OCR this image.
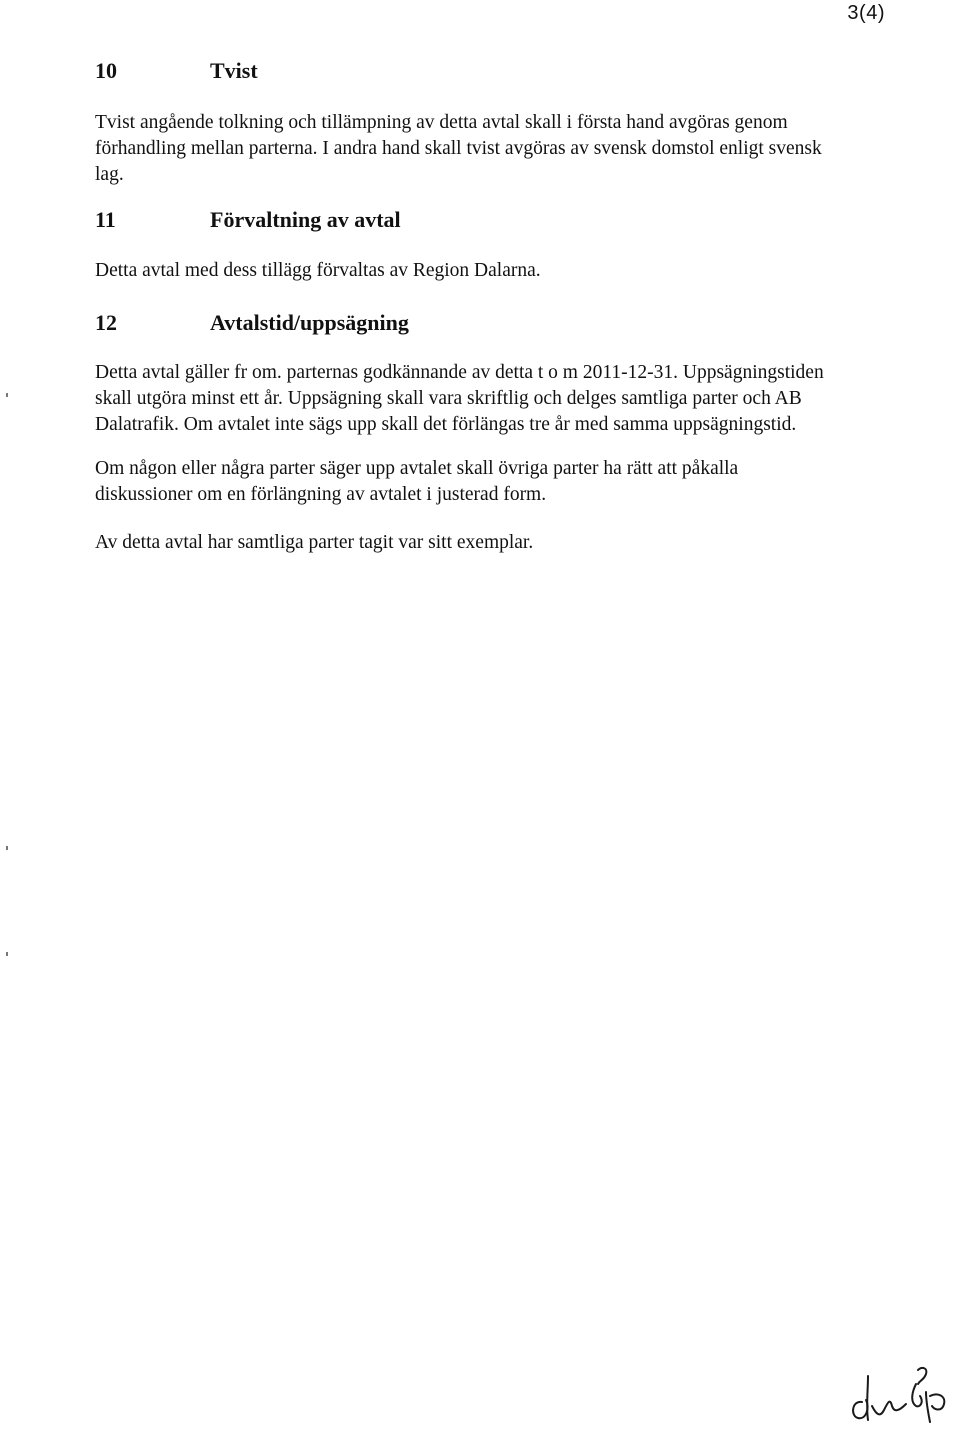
3(4)
10	Tvist

Tvist angående tolkning och tillämpning av detta avtal skall i första hand avgöras genom
förhandling mellan parterna. I andra hand skall tvist avgöras av svensk domstol enligt svensk
lag.

11	Förvaltning av avtal

Detta avtal med dess tillägg förvaltas av Region Dalarna.

12	Avtalstid/uppsägning

Detta avtal gäller fr om. parternas godkännande av detta t o m 2011-12-31. Uppsägningstiden
skall utgöra minst ett år. Uppsägning skall vara skriftlig och delges samtliga parter och AB
Dalatrafik. Om avtalet inte sägs upp skall det förlängas tre år med samma uppsägningstid.

Om någon eller några parter säger upp avtalet skall övriga parter ha rätt att påkalla
diskussioner om en förlängning av avtalet i justerad form.

Av detta avtal har samtliga parter tagit var sitt exemplar.
